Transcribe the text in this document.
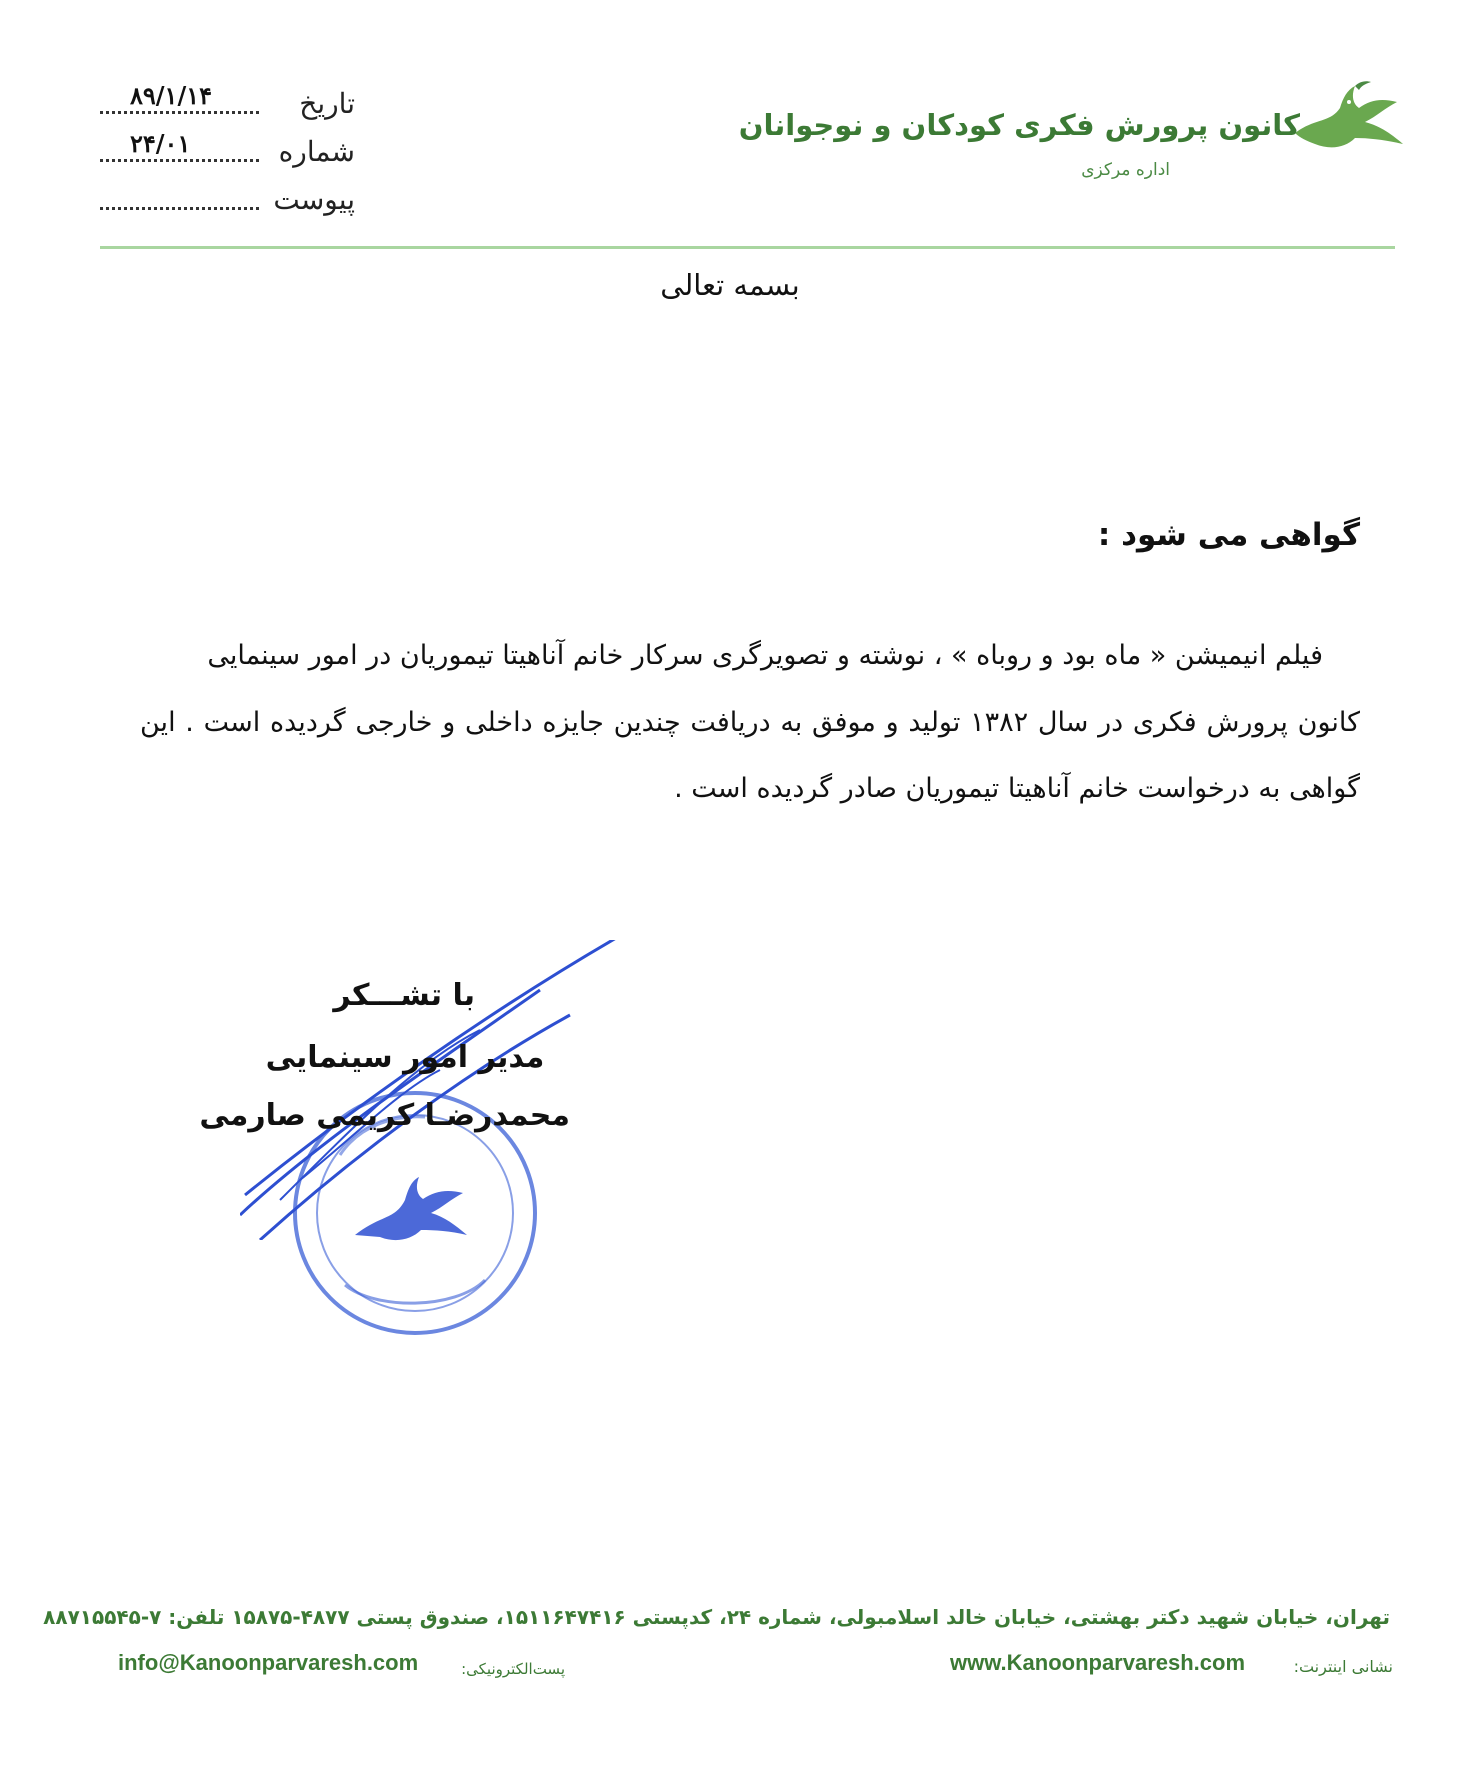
کانون پرورش فکری کودکان و نوجوانان
اداره مرکزی
تاریخ
۸۹/۱/۱۴
شماره
۲۴/۰۱
پیوست
بسمه تعالی
گواهی می شود :
فیلم انیمیشن « ماه بود و روباه » ، نوشته و تصویرگری سرکار خانم آناهیتا تیموریان در امور سینمایی
کانون پرورش فکری در سال ۱۳۸۲ تولید و موفق به دریافت چندین جایزه داخلی و خارجی گردیده است . این
گواهی به درخواست خانم آناهیتا تیموریان صادر گردیده است .
با تشـــکر
مدیر امور سینمایی
محمدرضـا کریمی صارمی
تهران، خیابان شهید دکتر بهشتی، خیابان خالد اسلامبولی، شماره ۲۴، کدپستی ۱۵۱۱۶۴۷۴۱۶، صندوق پستی ۴۸۷۷-۱۵۸۷۵ تلفن: ۷-۸۸۷۱۵۵۴۵
نشانی اینترنت:
www.Kanoonparvaresh.com
پست‌الکترونیکی:
info@Kanoonparvaresh.com
